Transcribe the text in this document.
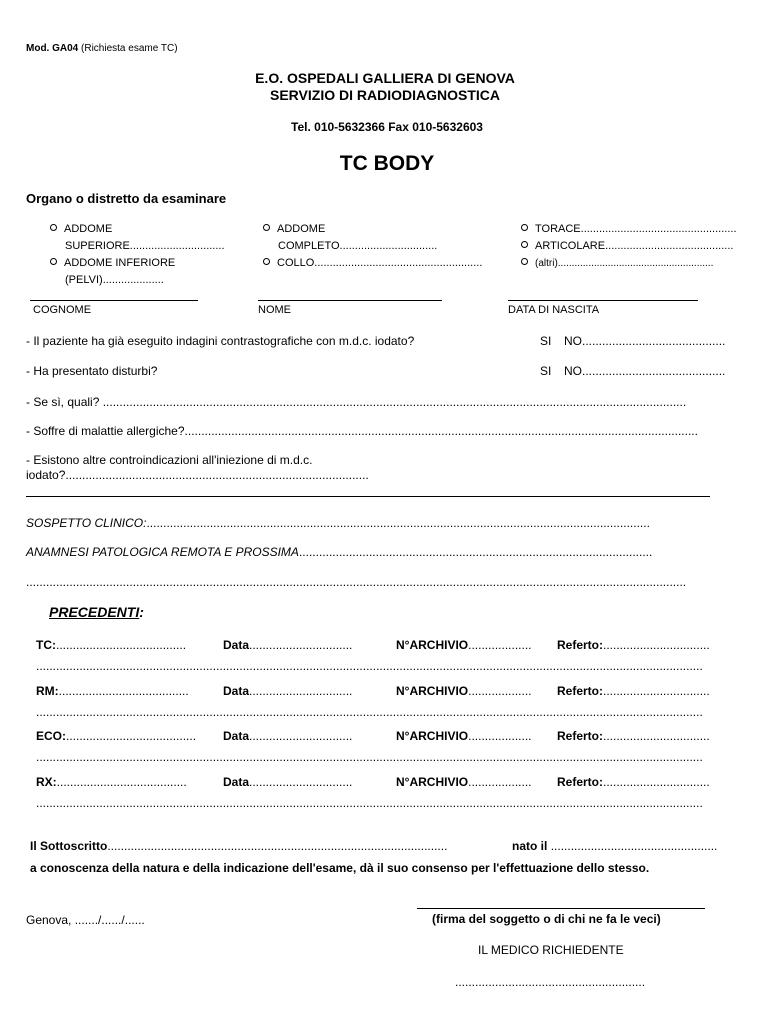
Mod. GA04 (Richiesta esame TC)
E.O. OSPEDALI GALLIERA DI GENOVA
SERVIZIO DI RADIODIAGNOSTICA
Tel. 010-5632366 Fax 010-5632603
TC BODY
Organo o distretto da esaminare
ADDOME
SUPERIORE...............................
ADDOME INFERIORE
(PELVI)....................
ADDOME
COMPLETO................................
COLLO.......................................................
TORACE...................................................
ARTICOLARE..........................................
(altri)........................................................
COGNOME	NOME	DATA DI NASCITA
- Il paziente ha già eseguito indagini contrastografiche con m.d.c. iodato?	SI NO...........................................
- Ha presentato disturbi?	SI NO...........................................
- Se sì, quali? ...............................................................................................................................................................................
- Soffre di malattie allergiche?..........................................................................................................................................................
- Esistono altre controindicazioni all'iniezione di m.d.c.
iodato?...........................................................................................
SOSPETTO CLINICO:.......................................................................................................................................................
ANAMNESI PATOLOGICA REMOTA E PROSSIMA..........................................................................................................
......................................................................................................................................................................................................
PRECEDENTI:
TC:.......................................	Data...............................	N°ARCHIVIO................... Referto:................................
........................................................................................................................................................................................................
RM:.......................................	Data...............................	N°ARCHIVIO................... Referto:................................
........................................................................................................................................................................................................
ECO:....................................... Data...............................	N°ARCHIVIO................... Referto:................................
........................................................................................................................................................................................................
RX:.......................................	Data...............................	N°ARCHIVIO................... Referto:................................
........................................................................................................................................................................................................
Il Sottoscritto......................................................................................................	nato il ..................................................
a conoscenza della natura e della indicazione dell'esame, dà il suo consenso per l'effettuazione dello stesso.
Genova, ......./....../......	(firma del soggetto o di chi ne fa le veci)
IL MEDICO RICHIEDENTE
.........................................................
